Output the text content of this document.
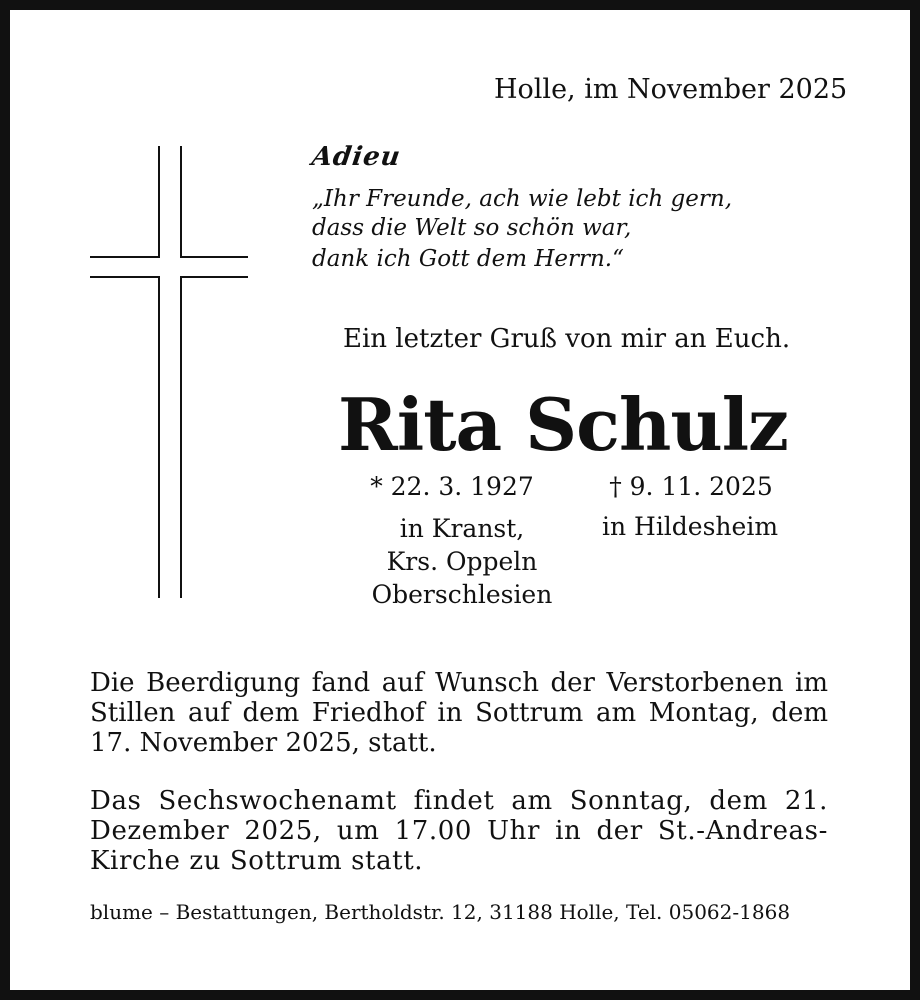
Holle, im November 2025
Adieu
„Ihr Freunde, ach wie lebt ich gern,
dass die Welt so schön war,
dank ich Gott dem Herrn.“
Ein letzter Gruß von mir an Euch.
Rita Schulz
* 22. 3. 1927	† 9. 11. 2025
in Kranst,
Krs. Oppeln
Oberschlesien
in Hildesheim
Die Beerdigung fand auf Wunsch der Verstorbenen im Stillen auf dem Friedhof in Sottrum am Montag, dem 17. November 2025, statt.
Das Sechswochenamt findet am Sonntag, dem 21. Dezember 2025, um 17.00 Uhr in der St.-Andreas-Kirche zu Sottrum statt.
blume – Bestattungen, Bertholdstr. 12, 31188 Holle, Tel. 05062-1868
